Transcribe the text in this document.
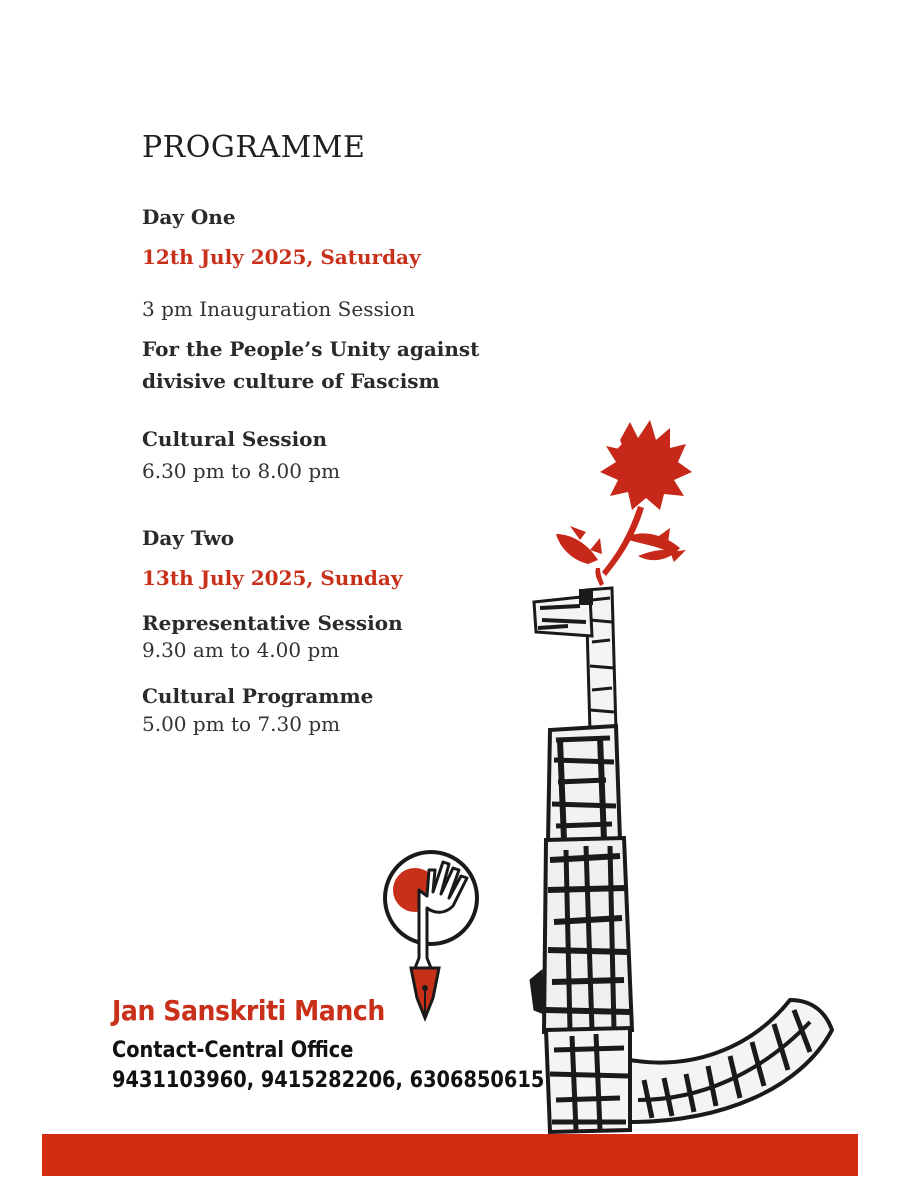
PROGRAMME
Day One
12th July 2025, Saturday
3 pm Inauguration Session
For the People’s Unity against
divisive culture of Fascism
Cultural Session
6.30 pm to 8.00 pm
Day Two
13th July 2025, Sunday
Representative Session
9.30 am to 4.00 pm
Cultural Programme
5.00 pm to 7.30 pm
Jan Sanskriti Manch
Contact-Central Office
9431103960, 9415282206, 6306850615
